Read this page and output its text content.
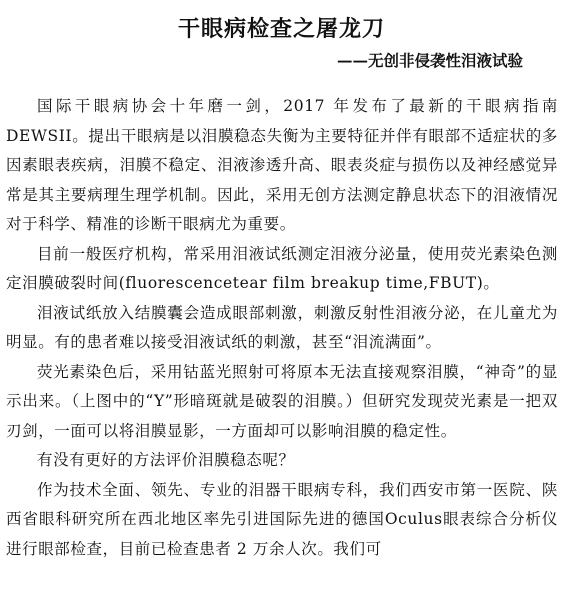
干眼病检查之屠龙刀

——无创非侵袭性泪液试验

国际干眼病协会十年磨一剑，2017 年发布了最新的干眼病指南DEWSII。提出干眼病是以泪膜稳态失衡为主要特征并伴有眼部不适症状的多因素眼表疾病，泪膜不稳定、泪液渗透升高、眼表炎症与损伤以及神经感觉异常是其主要病理生理学机制。因此，采用无创方法测定静息状态下的泪液情况对于科学、精准的诊断干眼病尤为重要。

目前一般医疗机构，常采用泪液试纸测定泪液分泌量，使用荧光素染色测定泪膜破裂时间(fluorescencetear film breakup time,FBUT)。

泪液试纸放入结膜囊会造成眼部刺激，刺激反射性泪液分泌，在儿童尤为明显。有的患者难以接受泪液试纸的刺激，甚至“泪流满面”。

荧光素染色后，采用钴蓝光照射可将原本无法直接观察泪膜，“神奇”的显示出来。（上图中的“Y”形暗斑就是破裂的泪膜。）但研究发现荧光素是一把双刃剑，一面可以将泪膜显影，一方面却可以影响泪膜的稳定性。

有没有更好的方法评价泪膜稳态呢？

作为技术全面、领先、专业的泪器干眼病专科，我们西安市第一医院、陕西省眼科研究所在西北地区率先引进国际先进的德国Oculus眼表综合分析仪进行眼部检查，目前已检查患者 2 万余人次。我们可
